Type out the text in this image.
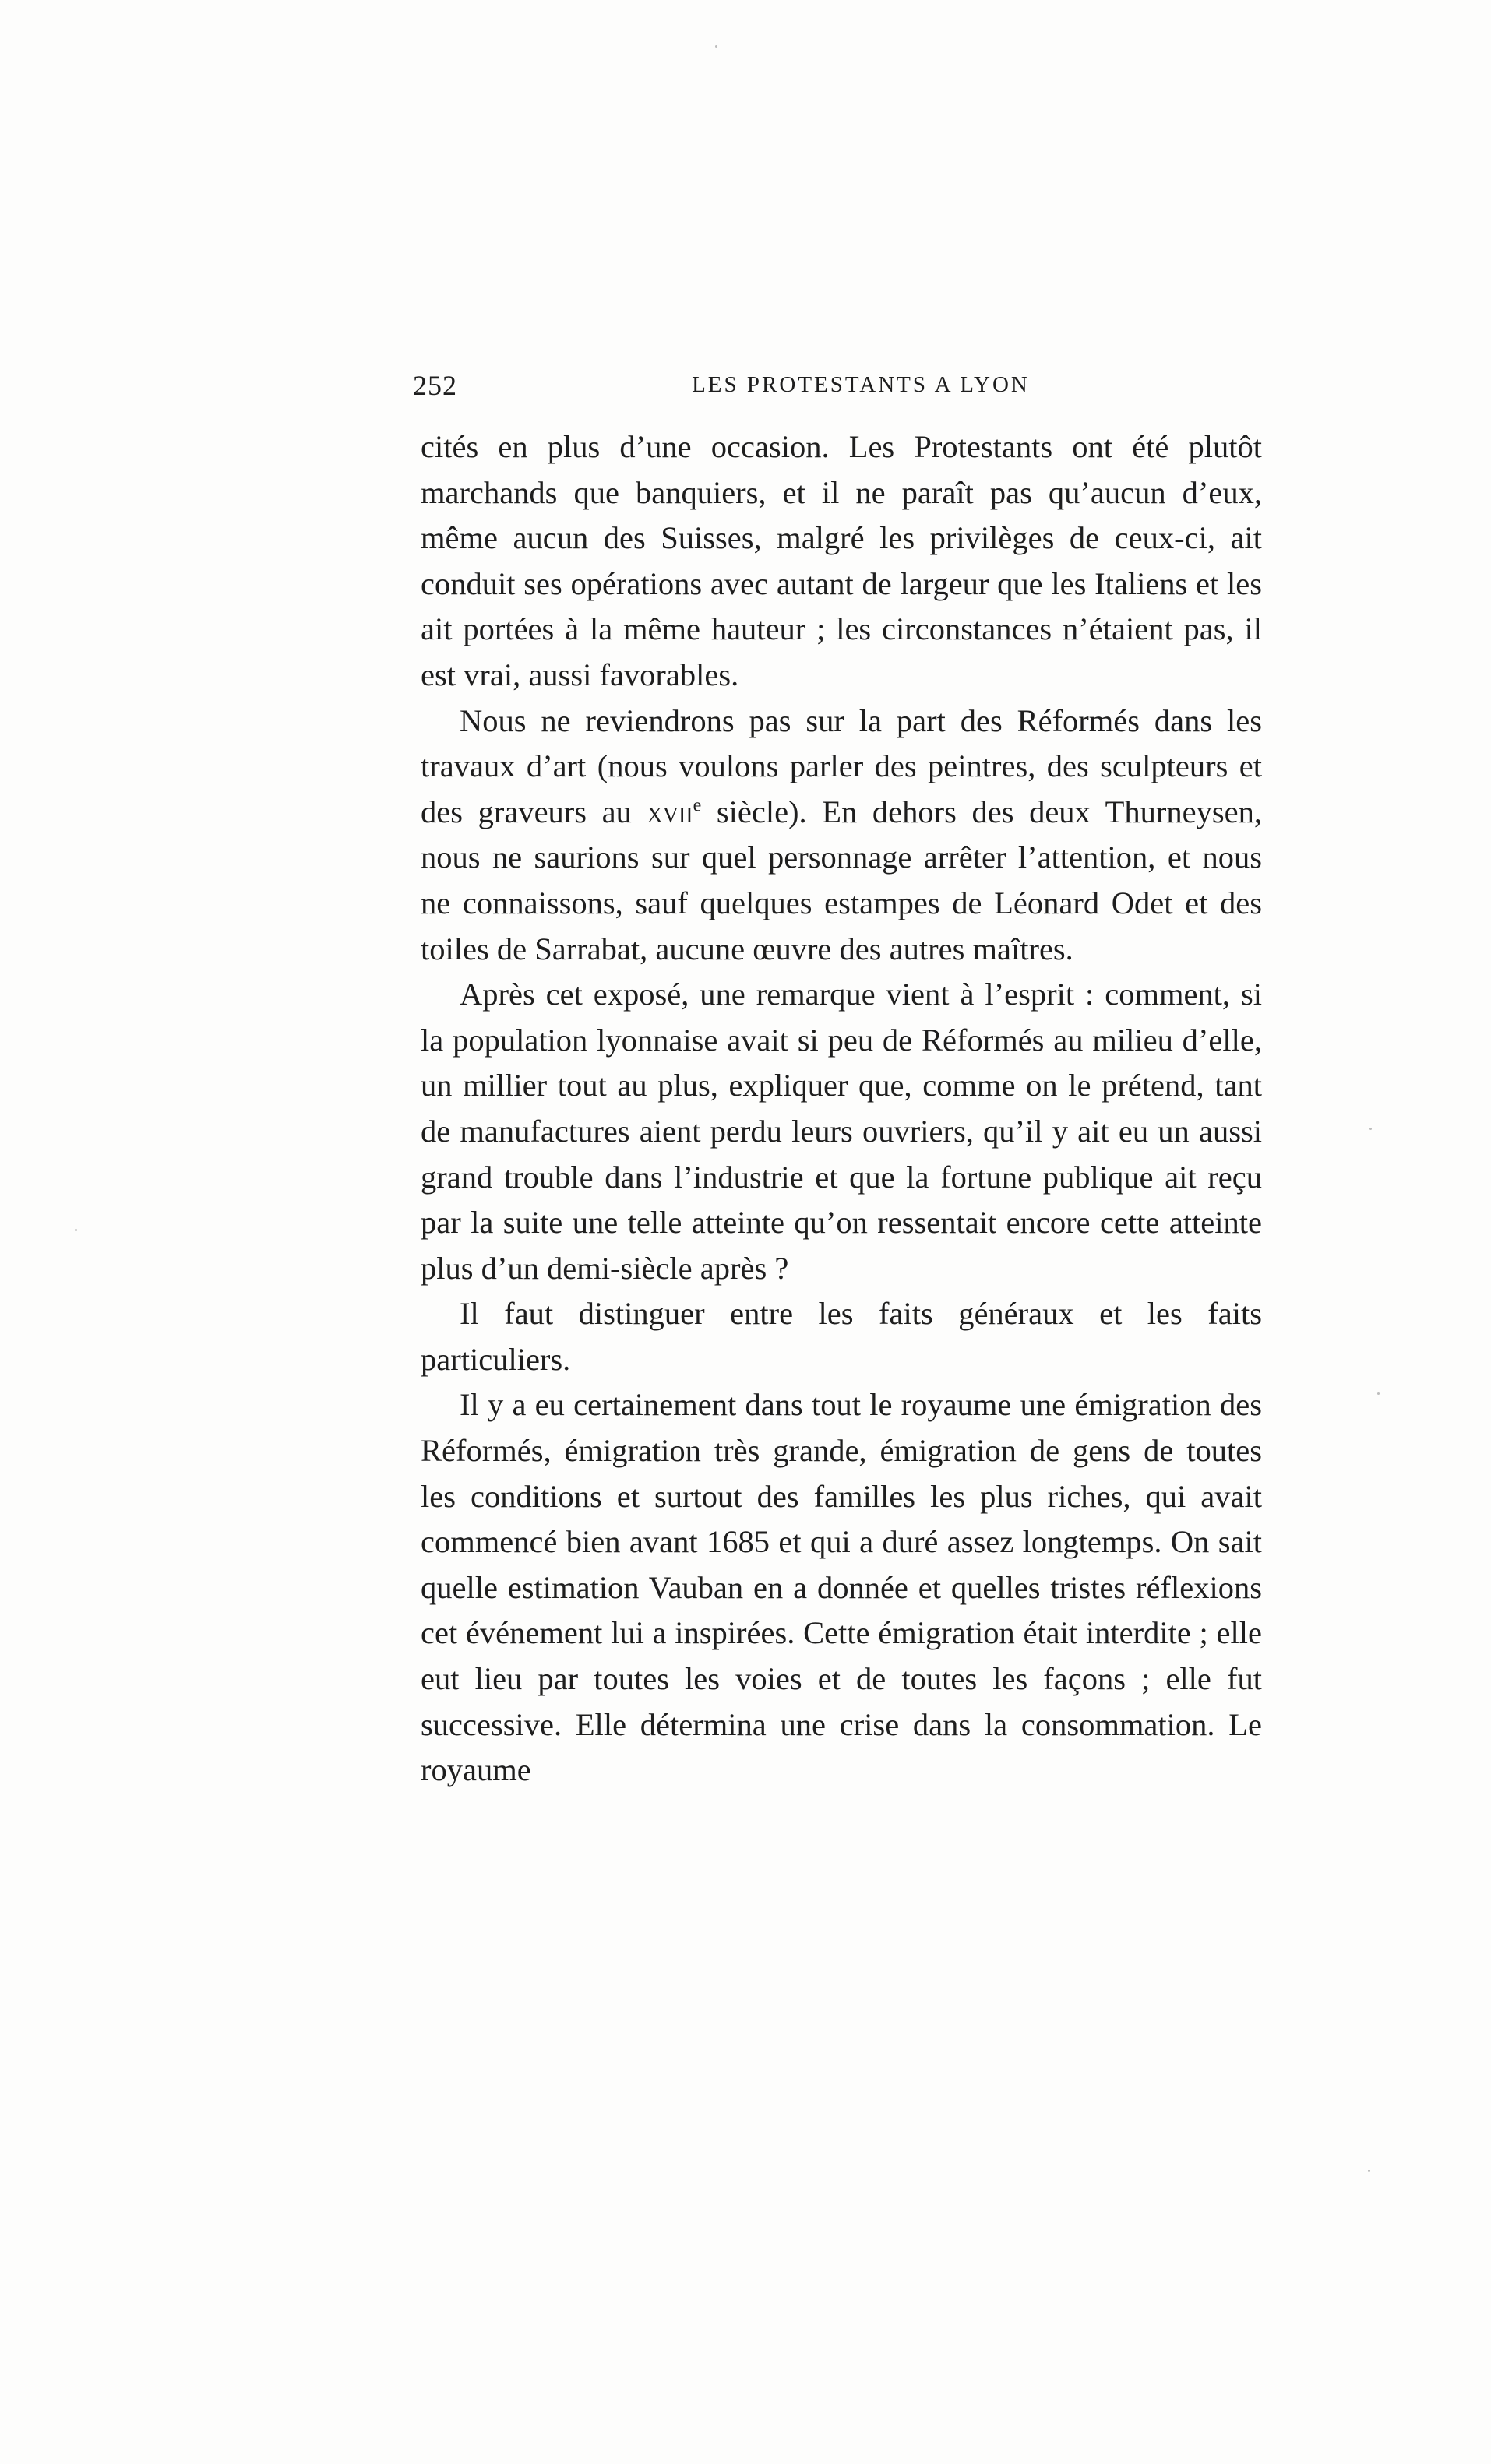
252	LES PROTESTANTS A LYON

cités en plus d’une occasion. Les Protestants ont été plutôt marchands que banquiers, et il ne paraît pas qu’aucun d’eux, même aucun des Suisses, malgré les privilèges de ceux-ci, ait conduit ses opérations avec autant de largeur que les Italiens et les ait portées à la même hauteur ; les circonstances n’étaient pas, il est vrai, aussi favorables.

Nous ne reviendrons pas sur la part des Réformés dans les travaux d’art (nous voulons parler des peintres, des sculpteurs et des graveurs au xvii$^e$ siècle). En dehors des deux Thurneysen, nous ne saurions sur quel personnage arrêter l’attention, et nous ne connaissons, sauf quelques estampes de Léonard Odet et des toiles de Sarrabat, aucune œuvre des autres maîtres.

Après cet exposé, une remarque vient à l’esprit : comment, si la population lyonnaise avait si peu de Réformés au milieu d’elle, un millier tout au plus, expliquer que, comme on le prétend, tant de manufactures aient perdu leurs ouvriers, qu’il y ait eu un aussi grand trouble dans l’industrie et que la fortune publique ait reçu par la suite une telle atteinte qu’on ressentait encore cette atteinte plus d’un demi-siècle après ?

Il faut distinguer entre les faits généraux et les faits particuliers.

Il y a eu certainement dans tout le royaume une émigration des Réformés, émigration très grande, émigration de gens de toutes les conditions et surtout des familles les plus riches, qui avait commencé bien avant 1685 et qui a duré assez longtemps. On sait quelle estimation Vauban en a donnée et quelles tristes réflexions cet événement lui a inspirées. Cette émigration était interdite ; elle eut lieu par toutes les voies et de toutes les façons ; elle fut successive. Elle détermina une crise dans la consommation. Le royaume
